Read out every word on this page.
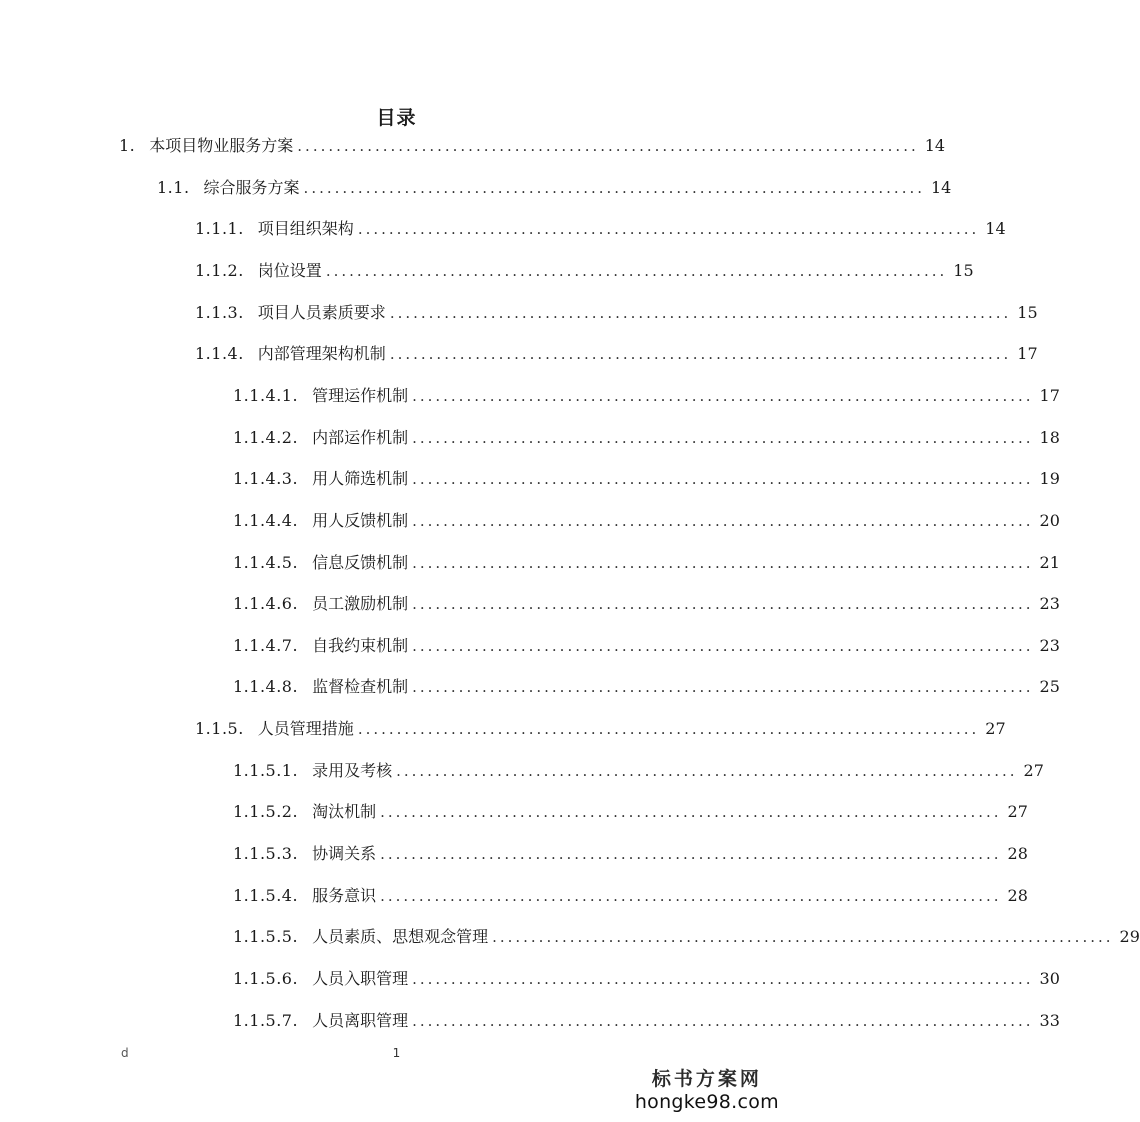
目录
1. 本项目物业服务方案 ................................................................................ 14
1.1. 综合服务方案 ................................................................................ 14
1.1.1. 项目组织架构 ................................................................................ 14
1.1.2. 岗位设置 ................................................................................ 15
1.1.3. 项目人员素质要求 ................................................................................ 15
1.1.4. 内部管理架构机制 ................................................................................ 17
1.1.4.1. 管理运作机制 ................................................................................ 17
1.1.4.2. 内部运作机制 ................................................................................ 18
1.1.4.3. 用人筛选机制 ................................................................................ 19
1.1.4.4. 用人反馈机制 ................................................................................ 20
1.1.4.5. 信息反馈机制 ................................................................................ 21
1.1.4.6. 员工激励机制 ................................................................................ 23
1.1.4.7. 自我约束机制 ................................................................................ 23
1.1.4.8. 监督检查机制 ................................................................................ 25
1.1.5. 人员管理措施 ................................................................................ 27
1.1.5.1. 录用及考核 ................................................................................ 27
1.1.5.2. 淘汰机制 ................................................................................ 27
1.1.5.3. 协调关系 ................................................................................ 28
1.1.5.4. 服务意识 ................................................................................ 28
1.1.5.5. 人员素质、思想观念管理 ................................................................................ 29
1.1.5.6. 人员入职管理 ................................................................................ 30
1.1.5.7. 人员离职管理 ................................................................................ 33
d	1
标书方案网
hongke98.com
